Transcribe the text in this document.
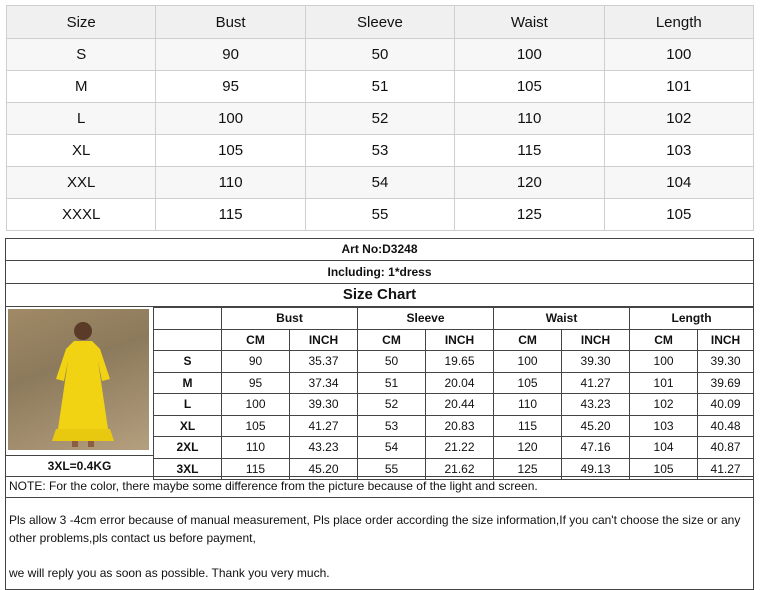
Size	Bust	Sleeve	Waist	Length
S	90	50	100	100
M	95	51	105	101
L	100	52	110	102
XL	105	53	115	103
XXL	110	54	120	104
XXXL	115	55	125	105
Art No:D3248
Including: 1*dress
Size Chart
3XL=0.4KG
	Bust		Sleeve		Waist		Length	
	CM	INCH	CM	INCH	CM	INCH	CM	INCH
S	90	35.37	50	19.65	100	39.30	100	39.30
M	95	37.34	51	20.04	105	41.27	101	39.69
L	100	39.30	52	20.44	110	43.23	102	40.09
XL	105	41.27	53	20.83	115	45.20	103	40.48
2XL	110	43.23	54	21.22	120	47.16	104	40.87
3XL	115	45.20	55	21.62	125	49.13	105	41.27
NOTE: For the color, there maybe some difference from the picture because of the light and screen.
Pls allow 3 -4cm error because of manual measurement, Pls place order according the size information,If you can't choose the size or any other problems,pls contact us before payment,
we will reply you as soon as possible. Thank you very much.
